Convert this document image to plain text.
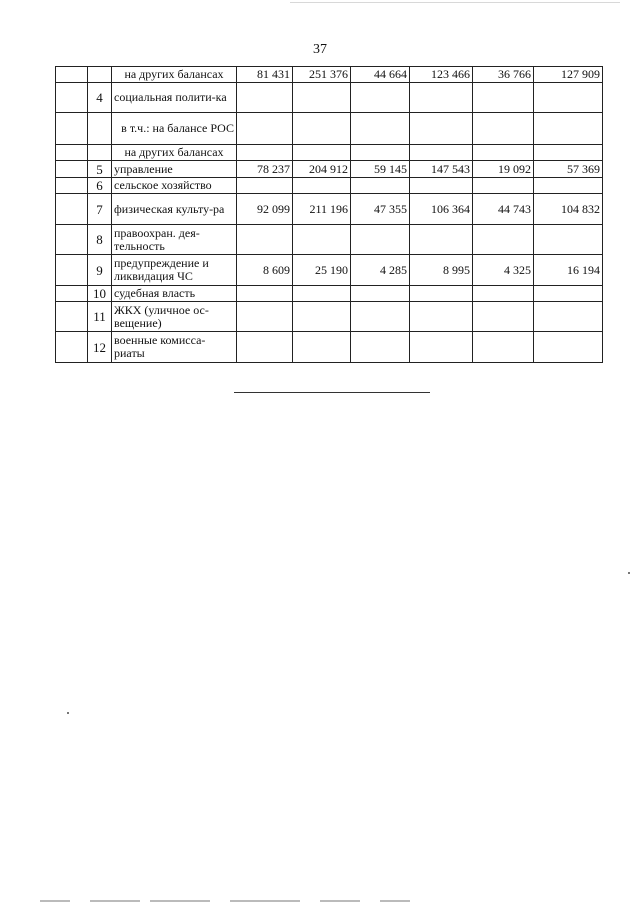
37
		на других балансах	81 431	251 376	44 664	123 466	36 766	127 909
	4	социальная полити-ка						
		в т.ч.: на балансе РОС						
		на других балансах						
	5	управление	78 237	204 912	59 145	147 543	19 092	57 369
	6	сельское хозяйство						
	7	физическая культу-ра	92 099	211 196	47 355	106 364	44 743	104 832
	8	правоохран. дея-тельность						
	9	предупреждение и ликвидация ЧС	8 609	25 190	4 285	8 995	4 325	16 194
	10	судебная власть						
	11	ЖКХ (уличное ос-вещение)						
	12	военные комисса-риаты						
